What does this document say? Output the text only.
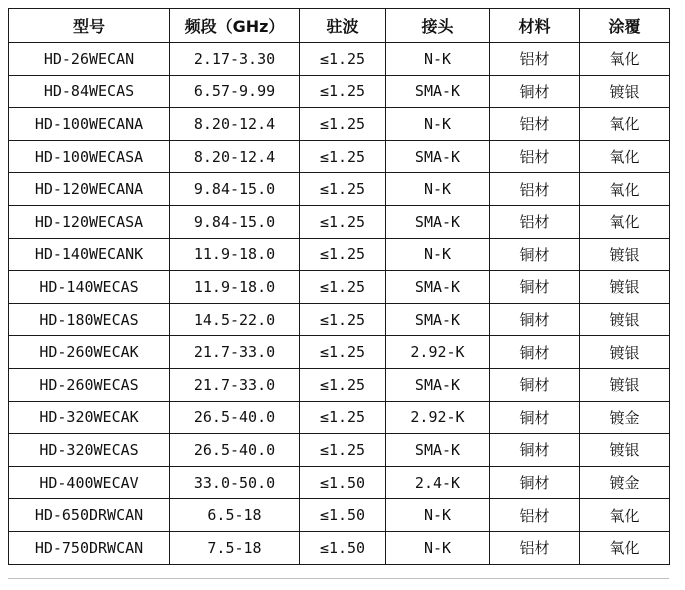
型号	频段（GHz）	驻波	接头	材料	涂覆
HD-26WECAN	2.17-3.30	≤1.25	N-K	铝材	氧化
HD-84WECAS	6.57-9.99	≤1.25	SMA-K	铜材	镀银
HD-100WECANA	8.20-12.4	≤1.25	N-K	铝材	氧化
HD-100WECASA	8.20-12.4	≤1.25	SMA-K	铝材	氧化
HD-120WECANA	9.84-15.0	≤1.25	N-K	铝材	氧化
HD-120WECASA	9.84-15.0	≤1.25	SMA-K	铝材	氧化
HD-140WECANK	11.9-18.0	≤1.25	N-K	铜材	镀银
HD-140WECAS	11.9-18.0	≤1.25	SMA-K	铜材	镀银
HD-180WECAS	14.5-22.0	≤1.25	SMA-K	铜材	镀银
HD-260WECAK	21.7-33.0	≤1.25	2.92-K	铜材	镀银
HD-260WECAS	21.7-33.0	≤1.25	SMA-K	铜材	镀银
HD-320WECAK	26.5-40.0	≤1.25	2.92-K	铜材	镀金
HD-320WECAS	26.5-40.0	≤1.25	SMA-K	铜材	镀银
HD-400WECAV	33.0-50.0	≤1.50	2.4-K	铜材	镀金
HD-650DRWCAN	6.5-18	≤1.50	N-K	铝材	氧化
HD-750DRWCAN	7.5-18	≤1.50	N-K	铝材	氧化
